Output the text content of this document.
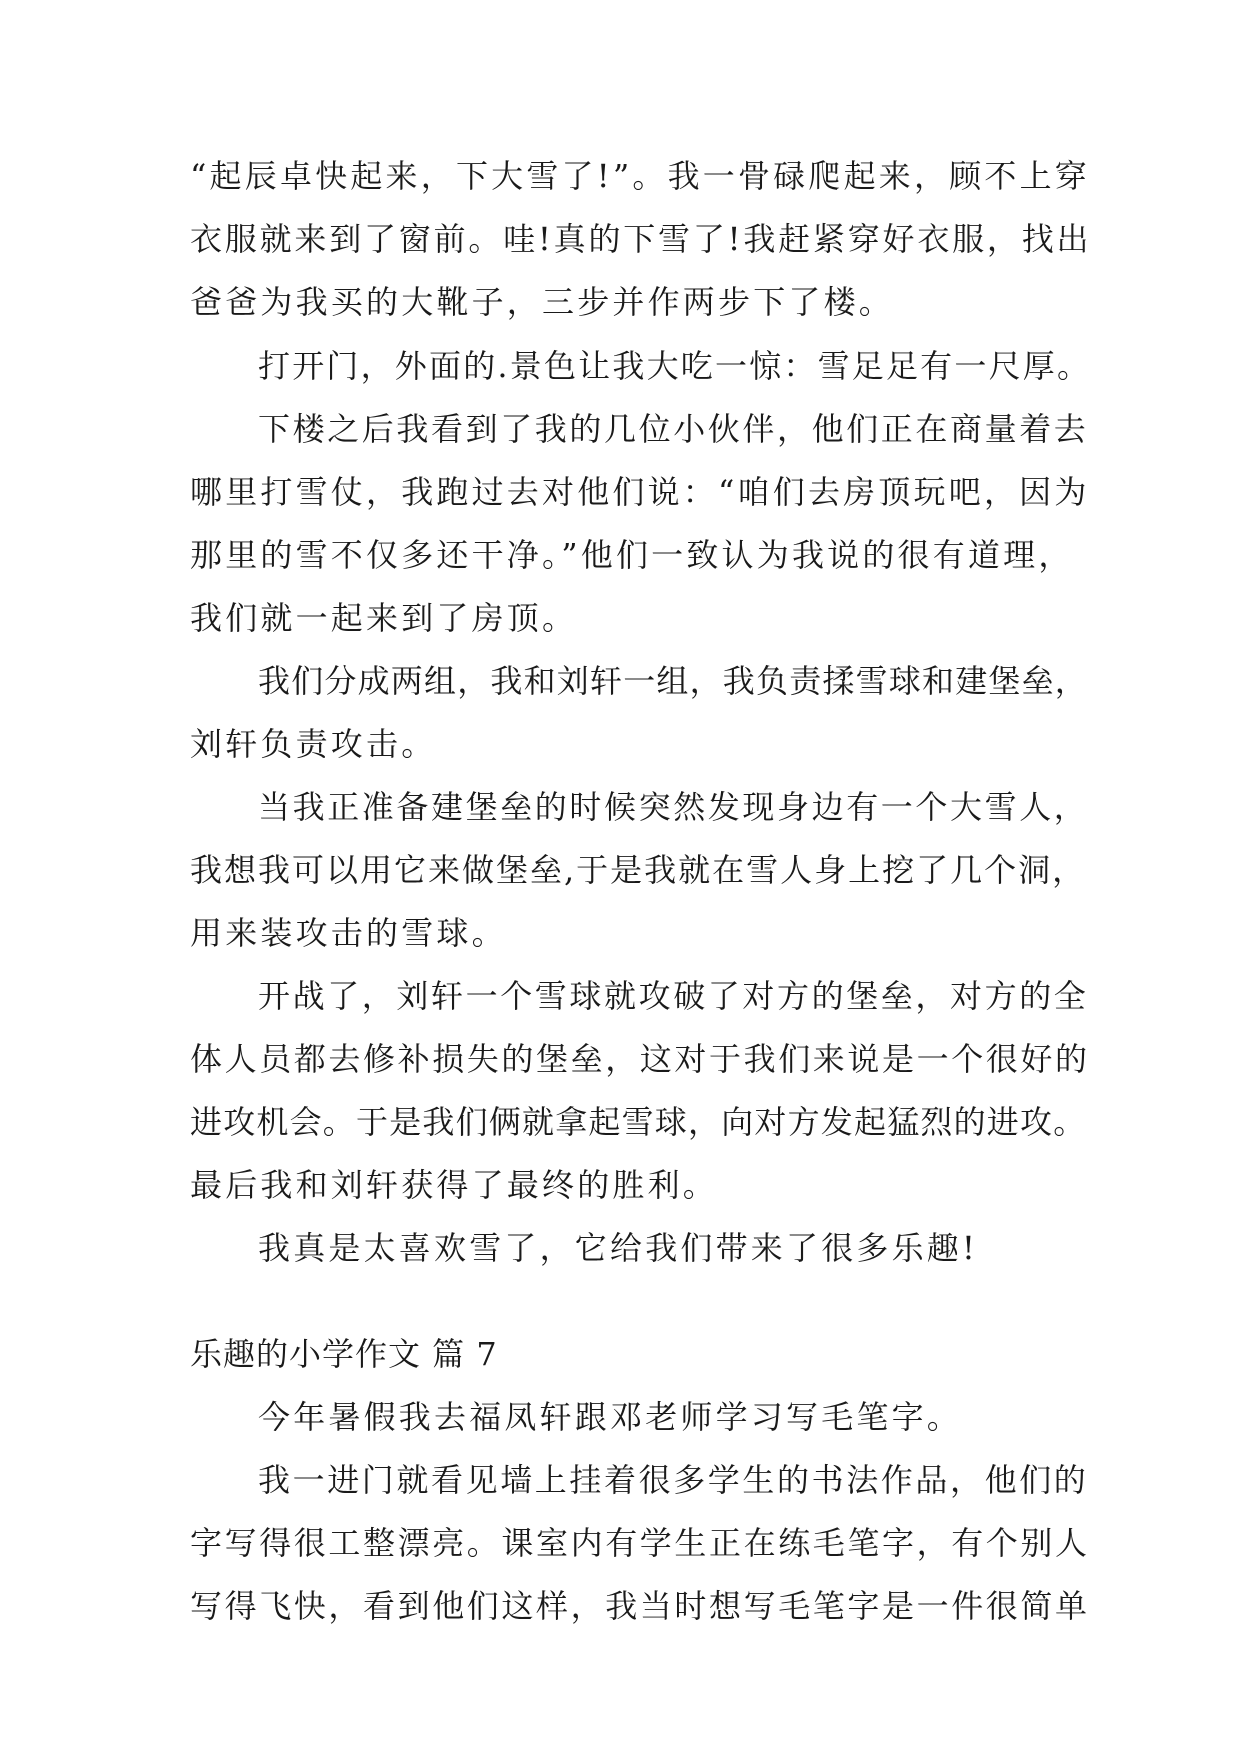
“起辰卓快起来，下大雪了!”。我一骨碌爬起来，顾不上穿
衣服就来到了窗前。哇!真的下雪了!我赶紧穿好衣服，找出
爸爸为我买的大靴子，三步并作两步下了楼。
打开门，外面的.景色让我大吃一惊：雪足足有一尺厚。
下楼之后我看到了我的几位小伙伴，他们正在商量着去
哪里打雪仗，我跑过去对他们说：“咱们去房顶玩吧，因为
那里的雪不仅多还干净。”他们一致认为我说的很有道理，
我们就一起来到了房顶。
我们分成两组，我和刘轩一组，我负责揉雪球和建堡垒，
刘轩负责攻击。
当我正准备建堡垒的时候突然发现身边有一个大雪人，
我想我可以用它来做堡垒,于是我就在雪人身上挖了几个洞，
用来装攻击的雪球。
开战了，刘轩一个雪球就攻破了对方的堡垒，对方的全
体人员都去修补损失的堡垒，这对于我们来说是一个很好的
进攻机会。于是我们俩就拿起雪球，向对方发起猛烈的进攻。
最后我和刘轩获得了最终的胜利。
我真是太喜欢雪了，它给我们带来了很多乐趣!
乐趣的小学作文 篇 7
今年暑假我去福凤轩跟邓老师学习写毛笔字。
我一进门就看见墙上挂着很多学生的书法作品，他们的
字写得很工整漂亮。课室内有学生正在练毛笔字，有个别人
写得飞快，看到他们这样，我当时想写毛笔字是一件很简单
